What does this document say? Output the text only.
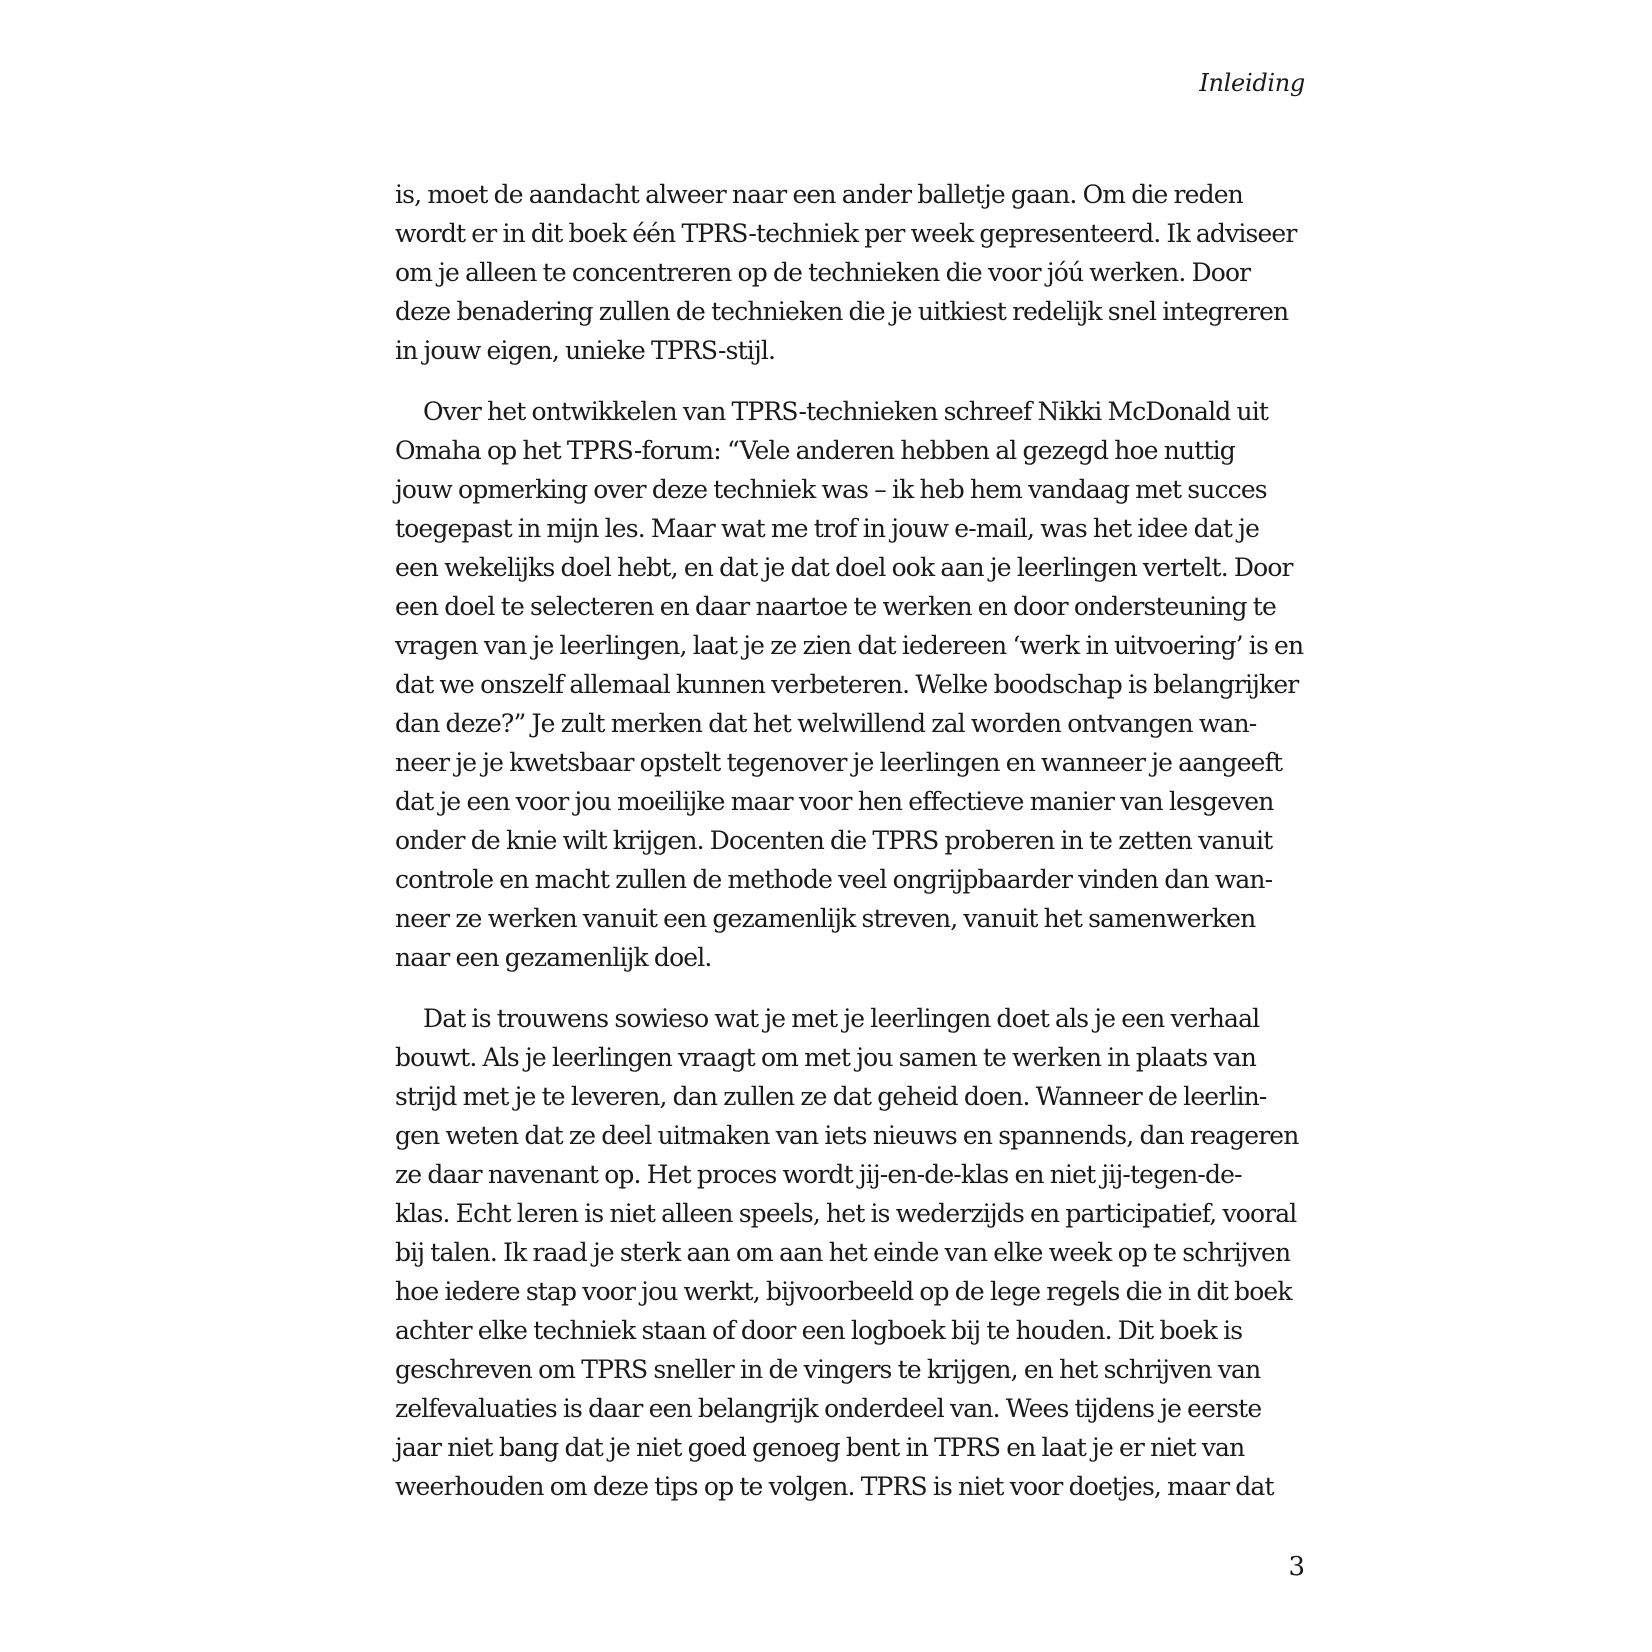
Inleiding
is, moet de aandacht alweer naar een ander balletje gaan. Om die reden
wordt er in dit boek één TPRS-techniek per week gepresenteerd. Ik adviseer
om je alleen te concentreren op de technieken die voor jóú werken. Door
deze benadering zullen de technieken die je uitkiest redelijk snel integreren
in jouw eigen, unieke TPRS-stijl.
Over het ontwikkelen van TPRS-technieken schreef Nikki McDonald uit
Omaha op het TPRS-forum: “Vele anderen hebben al gezegd hoe nuttig
jouw opmerking over deze techniek was – ik heb hem vandaag met succes
toegepast in mijn les. Maar wat me trof in jouw e-mail, was het idee dat je
een wekelijks doel hebt, en dat je dat doel ook aan je leerlingen vertelt. Door
een doel te selecteren en daar naartoe te werken en door ondersteuning te
vragen van je leerlingen, laat je ze zien dat iedereen ‘werk in uitvoering’ is en
dat we onszelf allemaal kunnen verbeteren. Welke boodschap is belangrijker
dan deze?” Je zult merken dat het welwillend zal worden ontvangen wan-
neer je je kwetsbaar opstelt tegenover je leerlingen en wanneer je aangeeft
dat je een voor jou moeilijke maar voor hen effectieve manier van lesgeven
onder de knie wilt krijgen. Docenten die TPRS proberen in te zetten vanuit
controle en macht zullen de methode veel ongrijpbaarder vinden dan wan-
neer ze werken vanuit een gezamenlijk streven, vanuit het samenwerken
naar een gezamenlijk doel.
Dat is trouwens sowieso wat je met je leerlingen doet als je een verhaal
bouwt. Als je leerlingen vraagt om met jou samen te werken in plaats van
strijd met je te leveren, dan zullen ze dat geheid doen. Wanneer de leerlin-
gen weten dat ze deel uitmaken van iets nieuws en spannends, dan reageren
ze daar navenant op. Het proces wordt jij-en-de-klas en niet jij-tegen-de-
klas. Echt leren is niet alleen speels, het is wederzijds en participatief, vooral
bij talen. Ik raad je sterk aan om aan het einde van elke week op te schrijven
hoe iedere stap voor jou werkt, bijvoorbeeld op de lege regels die in dit boek
achter elke techniek staan of door een logboek bij te houden. Dit boek is
geschreven om TPRS sneller in de vingers te krijgen, en het schrijven van
zelfevaluaties is daar een belangrijk onderdeel van. Wees tijdens je eerste
jaar niet bang dat je niet goed genoeg bent in TPRS en laat je er niet van
weerhouden om deze tips op te volgen. TPRS is niet voor doetjes, maar dat
3
